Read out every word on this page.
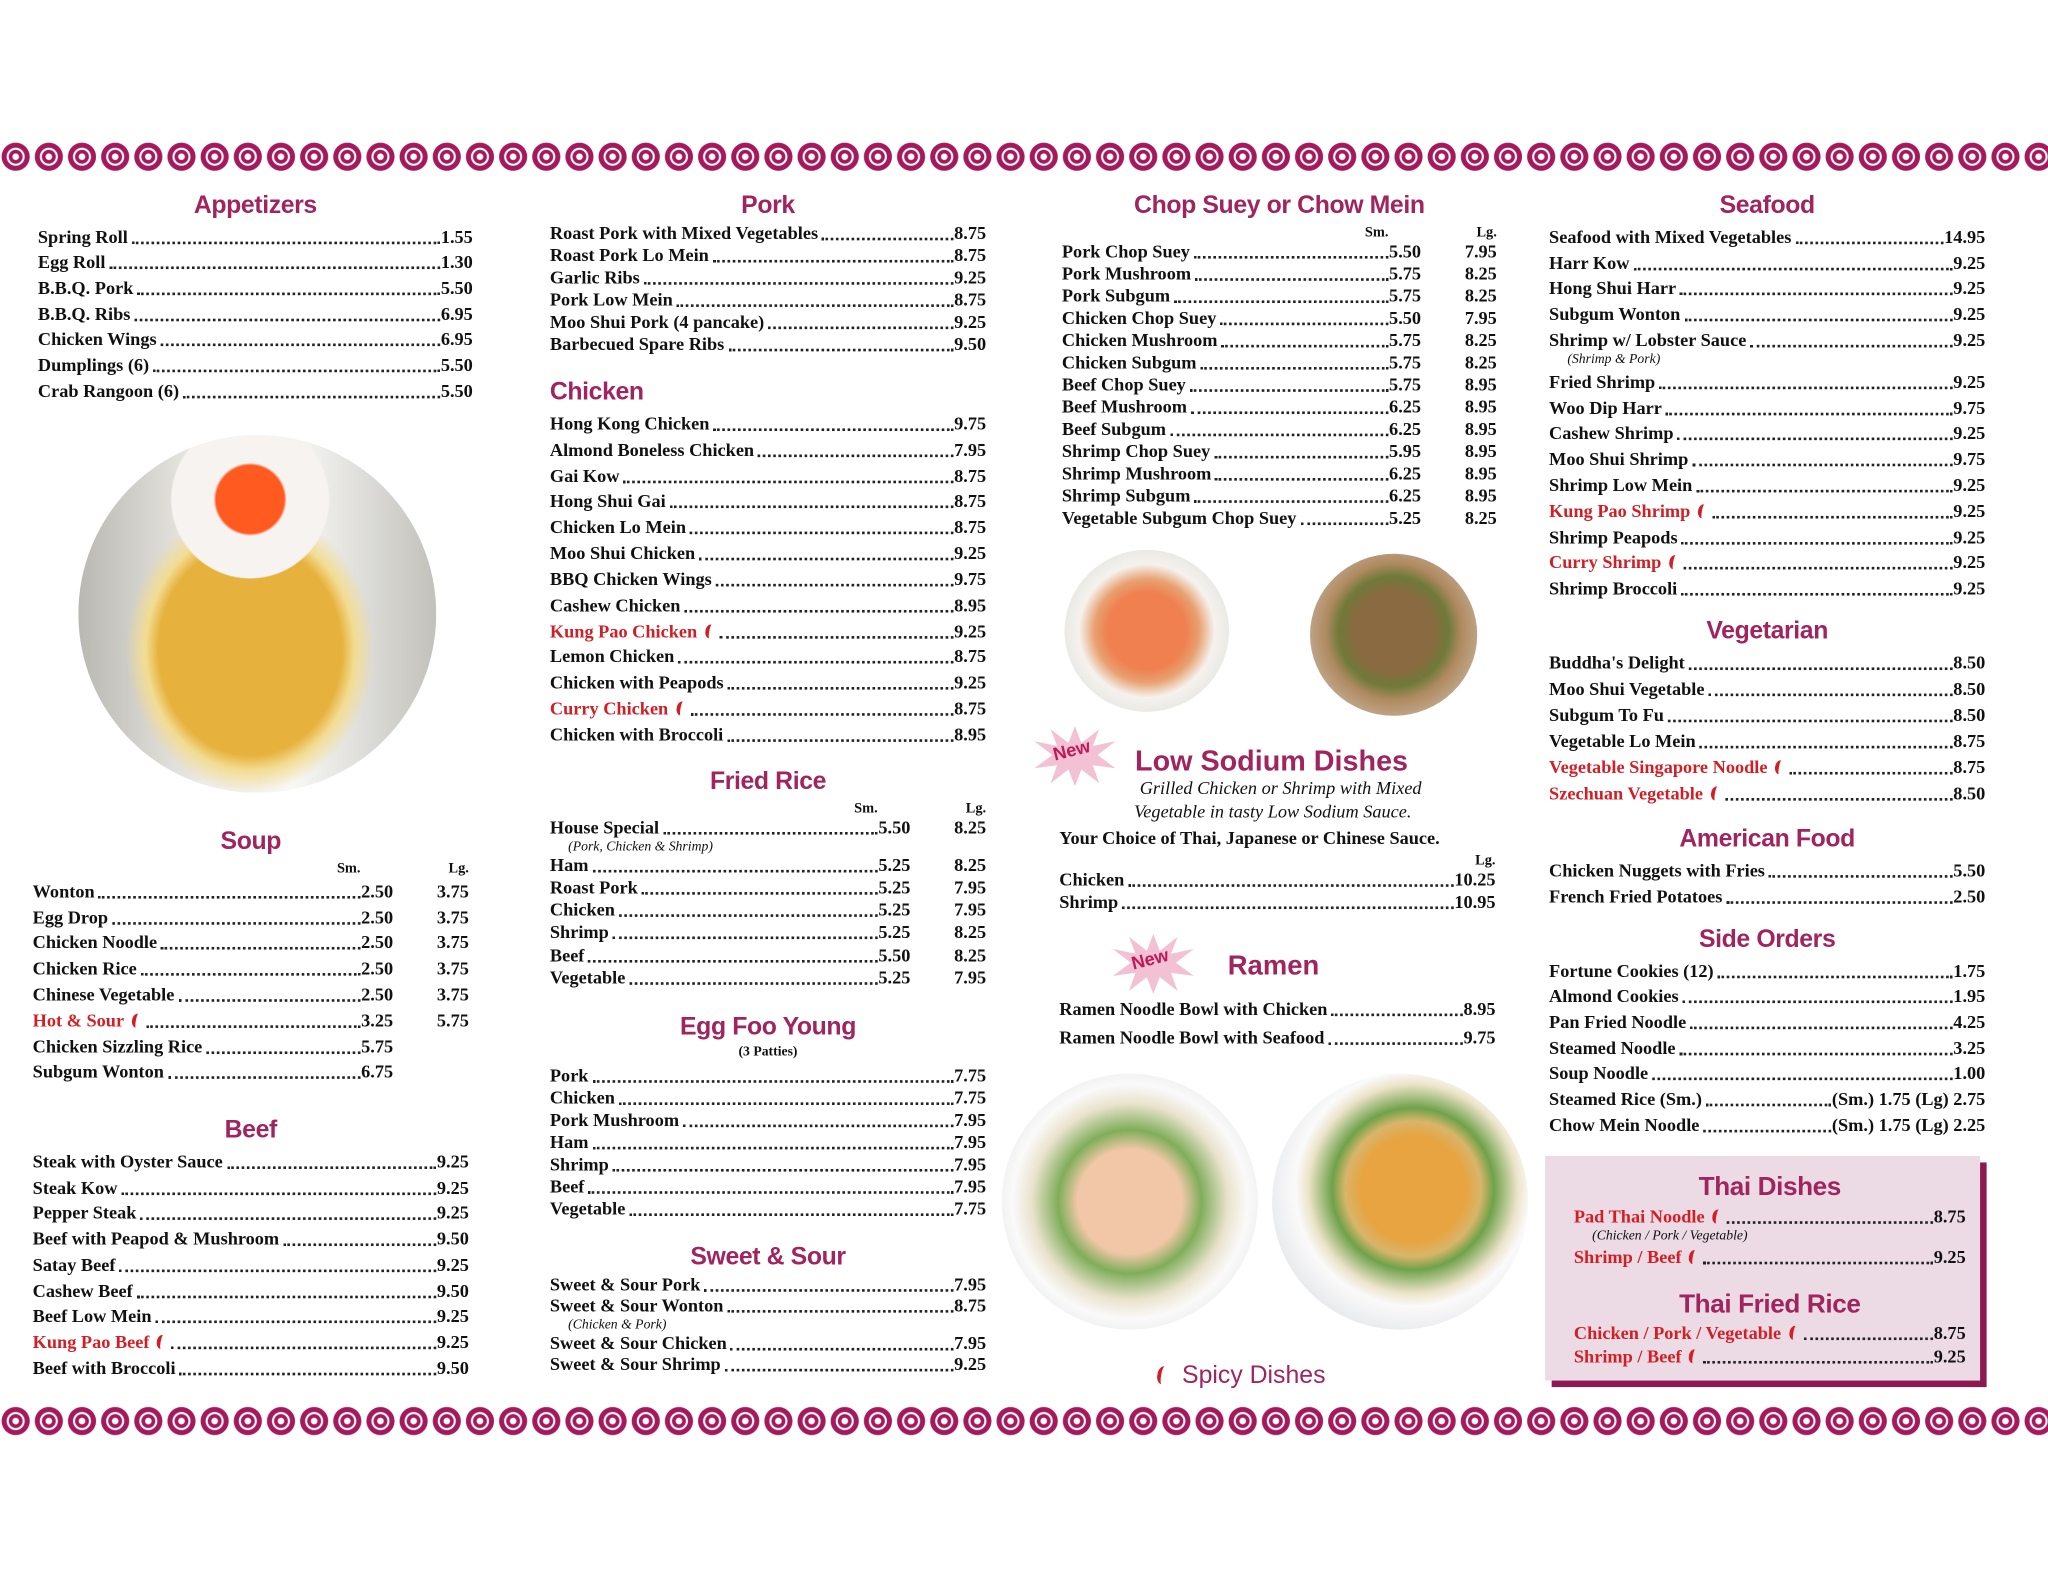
New Low Sodium Dishes
Grilled Chicken or Shrimp with Mixed
Vegetable in tasty Low Sodium Sauce.
Your Choice of Thai, Japanese or Chinese Sauce.
New	Ramen
Spicy Dishes
Appetizers
Spring Roll	1.55
Egg Roll	1.30
B.B.Q. Pork	5.50
B.B.Q. Ribs	6.95
Chicken Wings	6.95
Dumplings (6)	5.50
Crab Rangoon (6)	5.50
Soup
Sm.	Lg.
Wonton	2.50	3.75
Egg Drop	2.50	3.75
Chicken Noodle	2.50	3.75
Chicken Rice	2.50	3.75
Chinese Vegetable	2.50	3.75
Hot & Sour	3.25	5.75
Chicken Sizzling Rice	5.75
Subgum Wonton	6.75
Beef
Steak with Oyster Sauce	9.25
Steak Kow	9.25
Pepper Steak	9.25
Beef with Peapod & Mushroom	9.50
Satay Beef	9.25
Cashew Beef	9.50
Beef Low Mein	9.25
Kung Pao Beef	9.25
Beef with Broccoli	9.50
Pork
Roast Pork with Mixed Vegetables	8.75
Roast Pork Lo Mein	8.75
Garlic Ribs	9.25
Pork Low Mein	8.75
Moo Shui Pork (4 pancake)	9.25
Barbecued Spare Ribs	9.50
Chicken
Hong Kong Chicken	9.75
Almond Boneless Chicken	7.95
Gai Kow	8.75
Hong Shui Gai	8.75
Chicken Lo Mein	8.75
Moo Shui Chicken	9.25
BBQ Chicken Wings	9.75
Cashew Chicken	8.95
Kung Pao Chicken	9.25
Lemon Chicken	8.75
Chicken with Peapods	9.25
Curry Chicken	8.75
Chicken with Broccoli	8.95
Fried Rice
Sm.	Lg.
House Special	5.50	8.25
(Pork, Chicken & Shrimp)
Ham	5.25	8.25
Roast Pork	5.25	7.95
Chicken	5.25	7.95
Shrimp	5.25	8.25
Beef	5.50	8.25
Vegetable	5.25	7.95
Egg Foo Young
(3 Patties)
Pork	7.75
Chicken	7.75
Pork Mushroom	7.95
Ham	7.95
Shrimp	7.95
Beef	7.95
Vegetable	7.75
Sweet & Sour
Sweet & Sour Pork	7.95
Sweet & Sour Wonton	8.75
(Chicken & Pork)
Sweet & Sour Chicken	7.95
Sweet & Sour Shrimp	9.25
Chop Suey or Chow Mein
Sm.	Lg.
Pork Chop Suey	5.50	7.95
Pork Mushroom	5.75	8.25
Pork Subgum	5.75	8.25
Chicken Chop Suey	5.50	7.95
Chicken Mushroom	5.75	8.25
Chicken Subgum	5.75	8.25
Beef Chop Suey	5.75	8.95
Beef Mushroom	6.25	8.95
Beef Subgum	6.25	8.95
Shrimp Chop Suey	5.95	8.95
Shrimp Mushroom	6.25	8.95
Shrimp Subgum	6.25	8.95
Vegetable Subgum Chop Suey	5.25	8.25
Lg.
Chicken	10.25
Shrimp	10.95
Ramen Noodle Bowl with Chicken	8.95
Ramen Noodle Bowl with Seafood	9.75
Seafood
Seafood with Mixed Vegetables	14.95
Harr Kow	9.25
Hong Shui Harr	9.25
Subgum Wonton	9.25
Shrimp w/ Lobster Sauce	9.25
(Shrimp & Pork)
Fried Shrimp	9.25
Woo Dip Harr	9.75
Cashew Shrimp	9.25
Moo Shui Shrimp	9.75
Shrimp Low Mein	9.25
Kung Pao Shrimp	9.25
Shrimp Peapods	9.25
Curry Shrimp	9.25
Shrimp Broccoli	9.25
Vegetarian
Buddha's Delight	8.50
Moo Shui Vegetable	8.50
Subgum To Fu	8.50
Vegetable Lo Mein	8.75
Vegetable Singapore Noodle	8.75
Szechuan Vegetable	8.50
American Food
Chicken Nuggets with Fries	5.50
French Fried Potatoes	2.50
Side Orders
Fortune Cookies (12)	1.75
Almond Cookies	1.95
Pan Fried Noodle	4.25
Steamed Noodle	3.25
Soup Noodle	1.00
Steamed Rice (Sm.)	(Sm.) 1.75 (Lg) 2.75
Chow Mein Noodle	(Sm.) 1.75 (Lg) 2.25
Thai Dishes
Pad Thai Noodle	8.75
(Chicken / Pork / Vegetable)
Shrimp / Beef	9.25
Thai Fried Rice
Chicken / Pork / Vegetable	8.75
Shrimp / Beef	9.25
